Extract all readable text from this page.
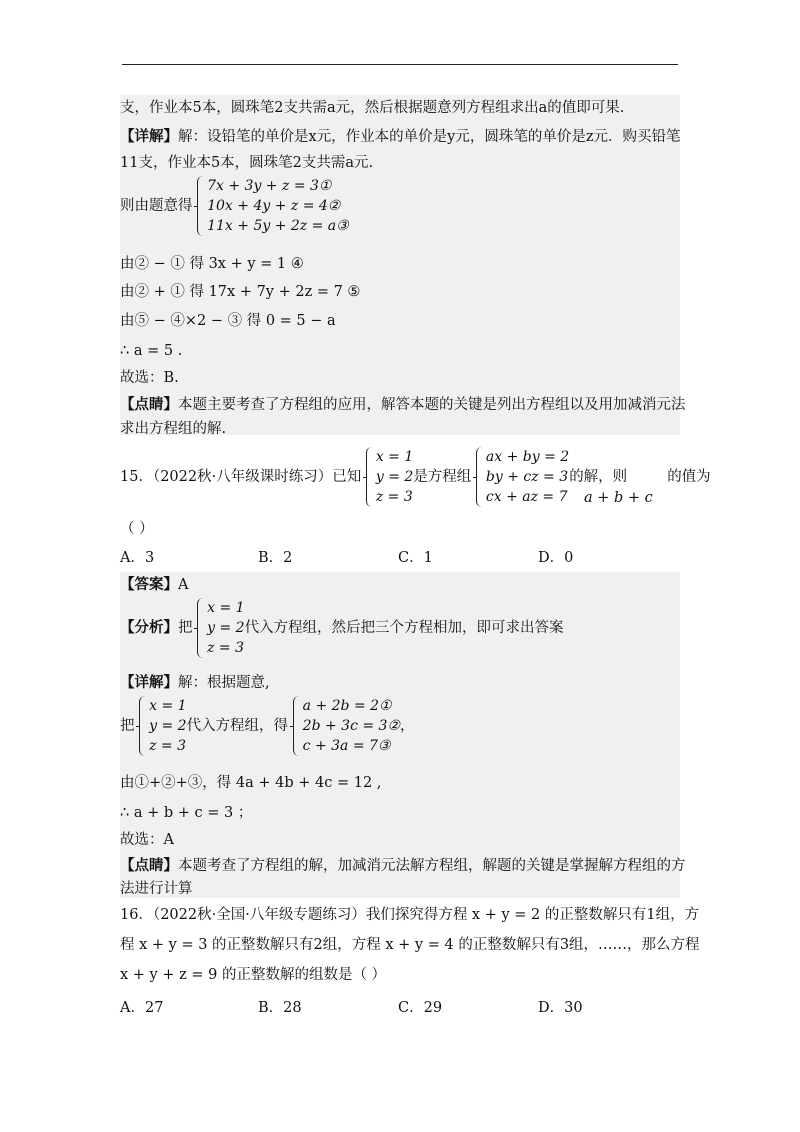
支，作业本5本，圆珠笔2支共需a元，然后根据题意列方程组求出a的值即可果.
【详解】解：设铅笔的单价是x元，作业本的单价是y元，圆珠笔的单价是z元．购买铅笔
11支，作业本5本，圆珠笔2支共需a元.
则由题意得
7x + 3y + z = 3①
10x + 4y + z = 4②
11x + 5y + 2z = a③
由② − ① 得 3x + y = 1 ④
由② + ① 得 17x + 7y + 2z = 7 ⑤
由⑤ − ④×2 − ③ 得 0 = 5 − a
∴ a = 5 .
故选：B.
【点睛】本题主要考查了方程组的应用，解答本题的关键是列出方程组以及用加减消元法
求出方程组的解.
15．（2022秋·八年级课时练习）已知
x = 1
y = 2
z = 3
是方程组
ax + by = 2
by + cz = 3
cx + az = 7
的解，则	的值为
a + b + c
（ ）
A．3	B．2	C．1	D．0
【答案】A
【分析】把
x = 1
y = 2
z = 3
代入方程组，然后把三个方程相加，即可求出答案
【详解】解：根据题意,
把
x = 1
y = 2
z = 3
代入方程组，得
a + 2b = 2①
2b + 3c = 3②
c + 3a = 7③
，
由①+②+③，得 4a + 4b + 4c = 12 ,
∴ a + b + c = 3 ；
故选：A
【点睛】本题考查了方程组的解，加减消元法解方程组，解题的关键是掌握解方程组的方
法进行计算
16．（2022秋·全国·八年级专题练习）我们探究得方程 x + y = 2 的正整数解只有1组，方
程 x + y = 3 的正整数解只有2组，方程 x + y = 4 的正整数解只有3组，……，那么方程
x + y + z = 9 的正整数解的组数是（ ）
A．27	B．28	C．29	D．30
